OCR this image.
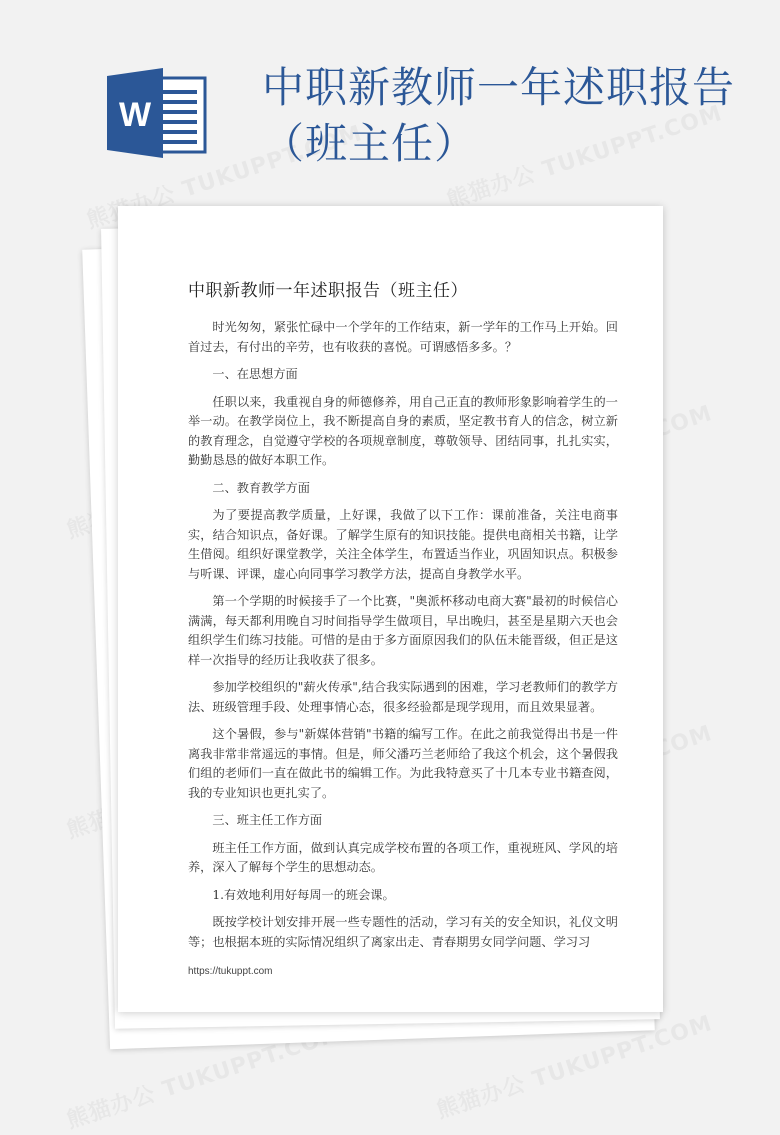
W
中职新教师一年述职报告（班主任）
中职新教师一年述职报告（班主任）

时光匆匆，紧张忙碌中一个学年的工作结束，新一学年的工作马上开始。回首过去，有付出的辛劳，也有收获的喜悦。可谓感悟多多。？

一、在思想方面

任职以来，我重视自身的师德修养，用自己正直的教师形象影响着学生的一举一动。在教学岗位上，我不断提高自身的素质，坚定教书育人的信念，树立新的教育理念，自觉遵守学校的各项规章制度，尊敬领导、团结同事，扎扎实实，勤勤恳恳的做好本职工作。

二、教育教学方面

为了要提高教学质量，上好课，我做了以下工作：课前准备，关注电商事实，结合知识点，备好课。了解学生原有的知识技能。提供电商相关书籍，让学生借阅。组织好课堂教学，关注全体学生，布置适当作业，巩固知识点。积极参与听课、评课，虚心向同事学习教学方法，提高自身教学水平。

第一个学期的时候接手了一个比赛，"奥派杯移动电商大赛"最初的时候信心满满，每天都利用晚自习时间指导学生做项目，早出晚归，甚至是星期六天也会组织学生们练习技能。可惜的是由于多方面原因我们的队伍未能晋级，但正是这样一次指导的经历让我收获了很多。

参加学校组织的"薪火传承",结合我实际遇到的困难，学习老教师们的教学方法、班级管理手段、处理事情心态，很多经验都是现学现用，而且效果显著。

这个暑假，参与"新媒体营销"书籍的编写工作。在此之前我觉得出书是一件离我非常非常遥远的事情。但是，师父潘巧兰老师给了我这个机会，这个暑假我们组的老师们一直在做此书的编辑工作。为此我特意买了十几本专业书籍查阅，我的专业知识也更扎实了。

三、班主任工作方面

班主任工作方面，做到认真完成学校布置的各项工作，重视班风、学风的培养，深入了解每个学生的思想动态。

1.有效地利用好每周一的班会课。

既按学校计划安排开展一些专题性的活动，学习有关的安全知识，礼仪文明等；也根据本班的实际情况组织了离家出走、青春期男女同学问题、学习习

https://tukuppt.com
